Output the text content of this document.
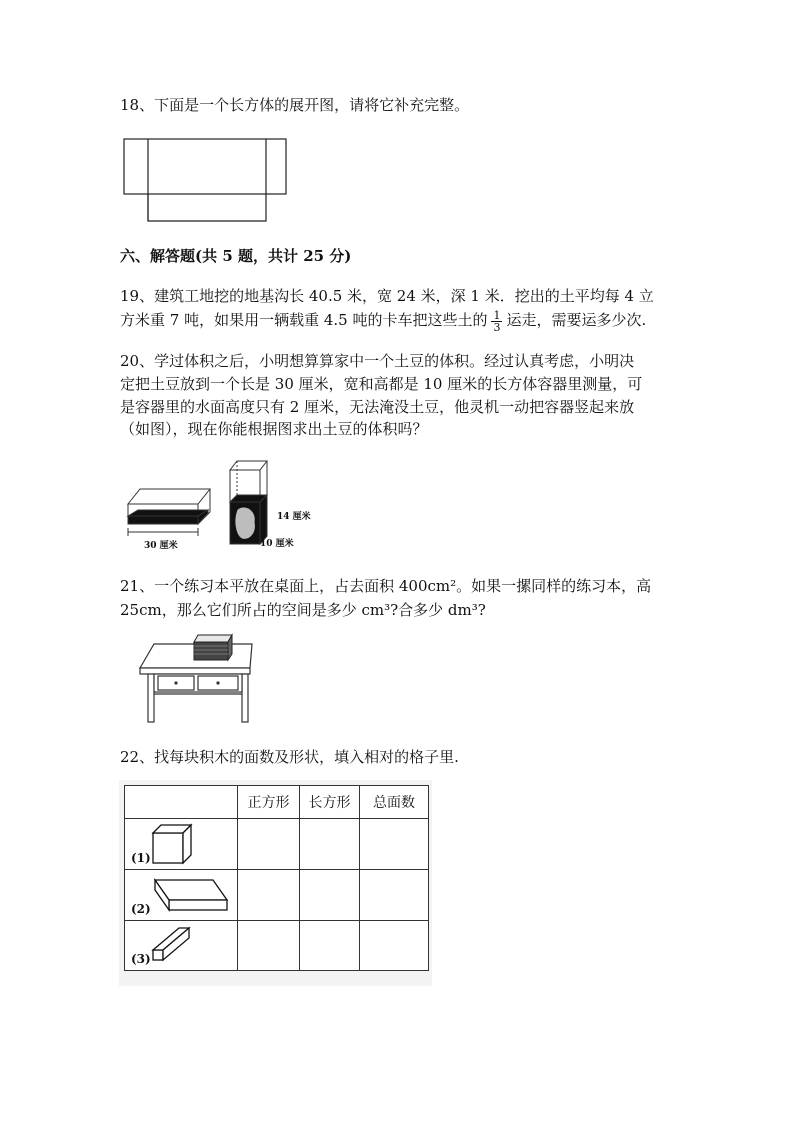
18、下面是一个长方体的展开图，请将它补充完整。

六、解答题(共 5 题，共计 25 分)

19、建筑工地挖的地基沟长 40.5 米，宽 24 米，深 1 米．挖出的土平均每 4 立

方米重 7 吨，如果用一辆载重 4.5 吨的卡车把这些土的 $\frac{1}{3}$ 运走，需要运多少次.

20、学过体积之后，小明想算算家中一个土豆的体积。经过认真考虑，小明决

定把土豆放到一个长是 30 厘米，宽和高都是 10 厘米的长方体容器里测量，可

是容器里的水面高度只有 2 厘米，无法淹没土豆，他灵机一动把容器竖起来放

（如图），现在你能根据图求出土豆的体积吗？

30 厘米
14 厘米
10 厘米

21、一个练习本平放在桌面上，占去面积 400cm²。如果一摞同样的练习本，高

25cm，那么它们所占的空间是多少 cm³?合多少 dm³?

22、找每块积木的面数及形状，填入相对的格子里.

	正方形	长方形	总面数

(1)			

(2)			

(3)			
